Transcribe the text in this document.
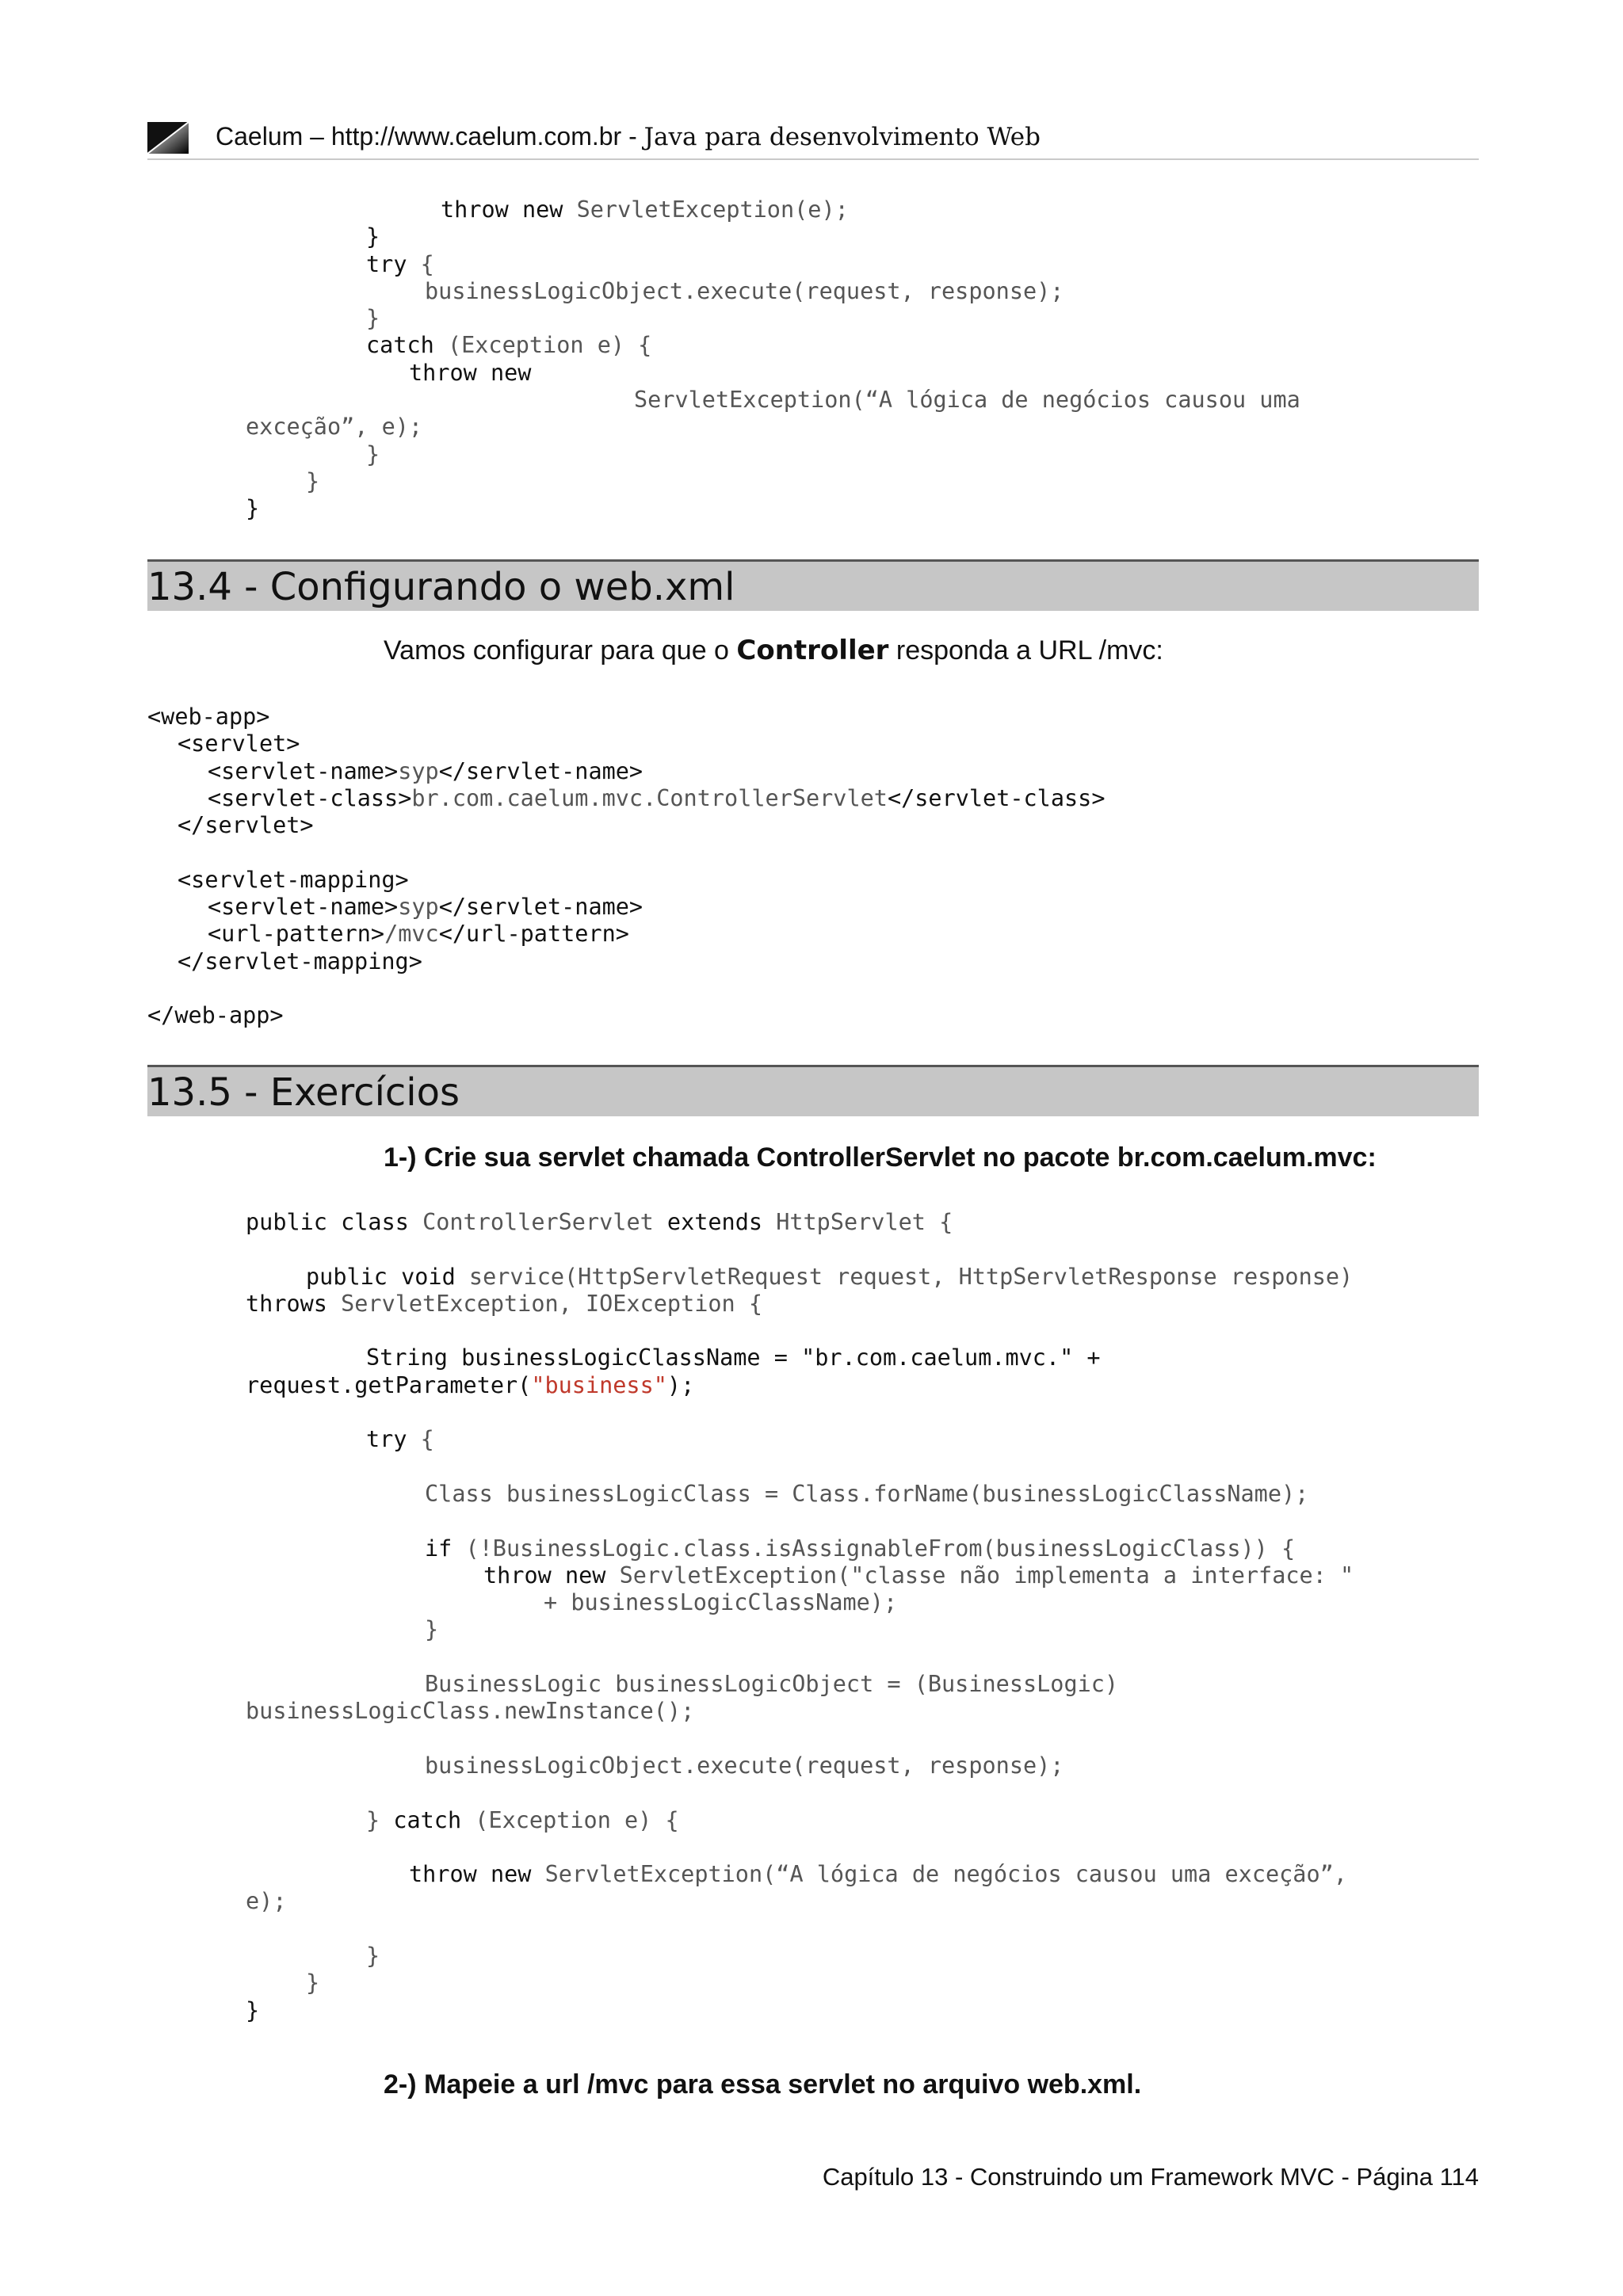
Caelum – http://www.caelum.com.br - Java para desenvolvimento Web
throw new ServletException(e);
}
try {
businessLogicObject.execute(request, response);
}
catch (Exception e) {
throw new
ServletException(“A lógica de negócios causou uma
exceção”, e);
}
}
}
13.4 - Configurando o web.xml
Vamos configurar para que o Controller responda a URL /mvc:
<web-app>
<servlet>
<servlet-name>syp</servlet-name>
<servlet-class>br.com.caelum.mvc.ControllerServlet</servlet-class>
</servlet>

<servlet-mapping>
<servlet-name>syp</servlet-name>
<url-pattern>/mvc</url-pattern>
</servlet-mapping>

</web-app>
13.5 - Exercícios
1-) Crie sua servlet chamada ControllerServlet no pacote br.com.caelum.mvc:
public class ControllerServlet extends HttpServlet {

public void service(HttpServletRequest request, HttpServletResponse response)
throws ServletException, IOException {

String businessLogicClassName = "br.com.caelum.mvc." +
request.getParameter("business");

try {

Class businessLogicClass = Class.forName(businessLogicClassName);

if (!BusinessLogic.class.isAssignableFrom(businessLogicClass)) {
throw new ServletException("classe não implementa a interface: "
+ businessLogicClassName);
}

BusinessLogic businessLogicObject = (BusinessLogic)
businessLogicClass.newInstance();

businessLogicObject.execute(request, response);

} catch (Exception e) {

throw new ServletException(“A lógica de negócios causou uma exceção”,
e);

}
}
}
2-) Mapeie a url /mvc para essa servlet no arquivo web.xml.
Capítulo 13 - Construindo um Framework MVC - Página 114
